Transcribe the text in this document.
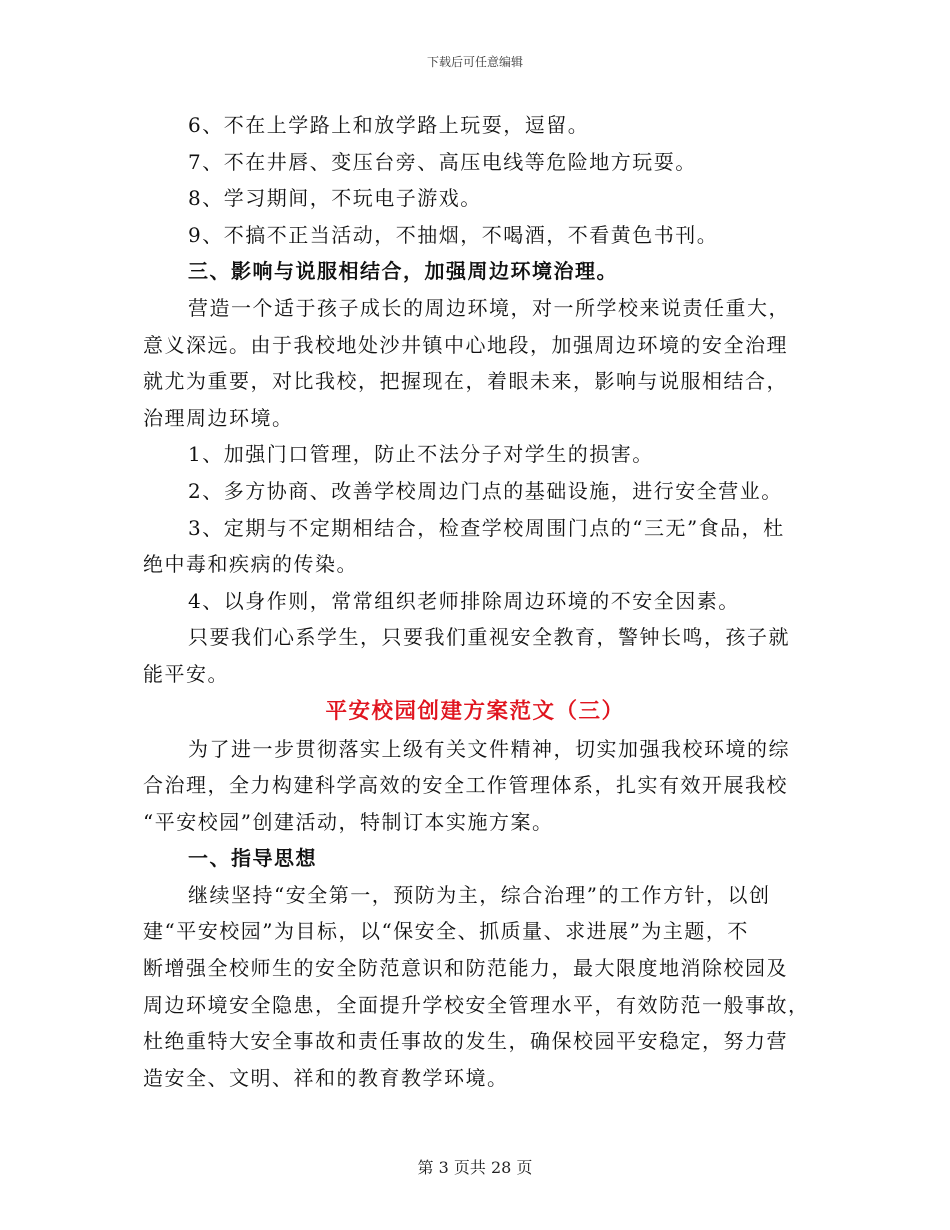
下载后可任意编辑
6、不在上学路上和放学路上玩耍，逗留。
7、不在井唇、变压台旁、高压电线等危险地方玩耍。
8、学习期间，不玩电子游戏。
9、不搞不正当活动，不抽烟，不喝酒，不看黄色书刊。
三、影响与说服相结合，加强周边环境治理。
营造一个适于孩子成长的周边环境，对一所学校来说责任重大，
意义深远。由于我校地处沙井镇中心地段，加强周边环境的安全治理
就尤为重要，对比我校，把握现在，着眼未来，影响与说服相结合，
治理周边环境。
1、加强门口管理，防止不法分子对学生的损害。
2、多方协商、改善学校周边门点的基础设施，进行安全营业。
3、定期与不定期相结合，检查学校周围门点的“三无”食品，杜
绝中毒和疾病的传染。
4、以身作则，常常组织老师排除周边环境的不安全因素。
只要我们心系学生，只要我们重视安全教育，警钟长鸣，孩子就
能平安。
平安校园创建方案范文（三）
为了进一步贯彻落实上级有关文件精神，切实加强我校环境的综
合治理，全力构建科学高效的安全工作管理体系，扎实有效开展我校
“平安校园”创建活动，特制订本实施方案。
一、指导思想
继续坚持“安全第一，预防为主，综合治理”的工作方针，以创
建“平安校园”为目标，以“保安全、抓质量、求进展”为主题，不
断增强全校师生的安全防范意识和防范能力，最大限度地消除校园及
周边环境安全隐患，全面提升学校安全管理水平，有效防范一般事故，
杜绝重特大安全事故和责任事故的发生，确保校园平安稳定，努力营
造安全、文明、祥和的教育教学环境。
第 3 页共 28 页
